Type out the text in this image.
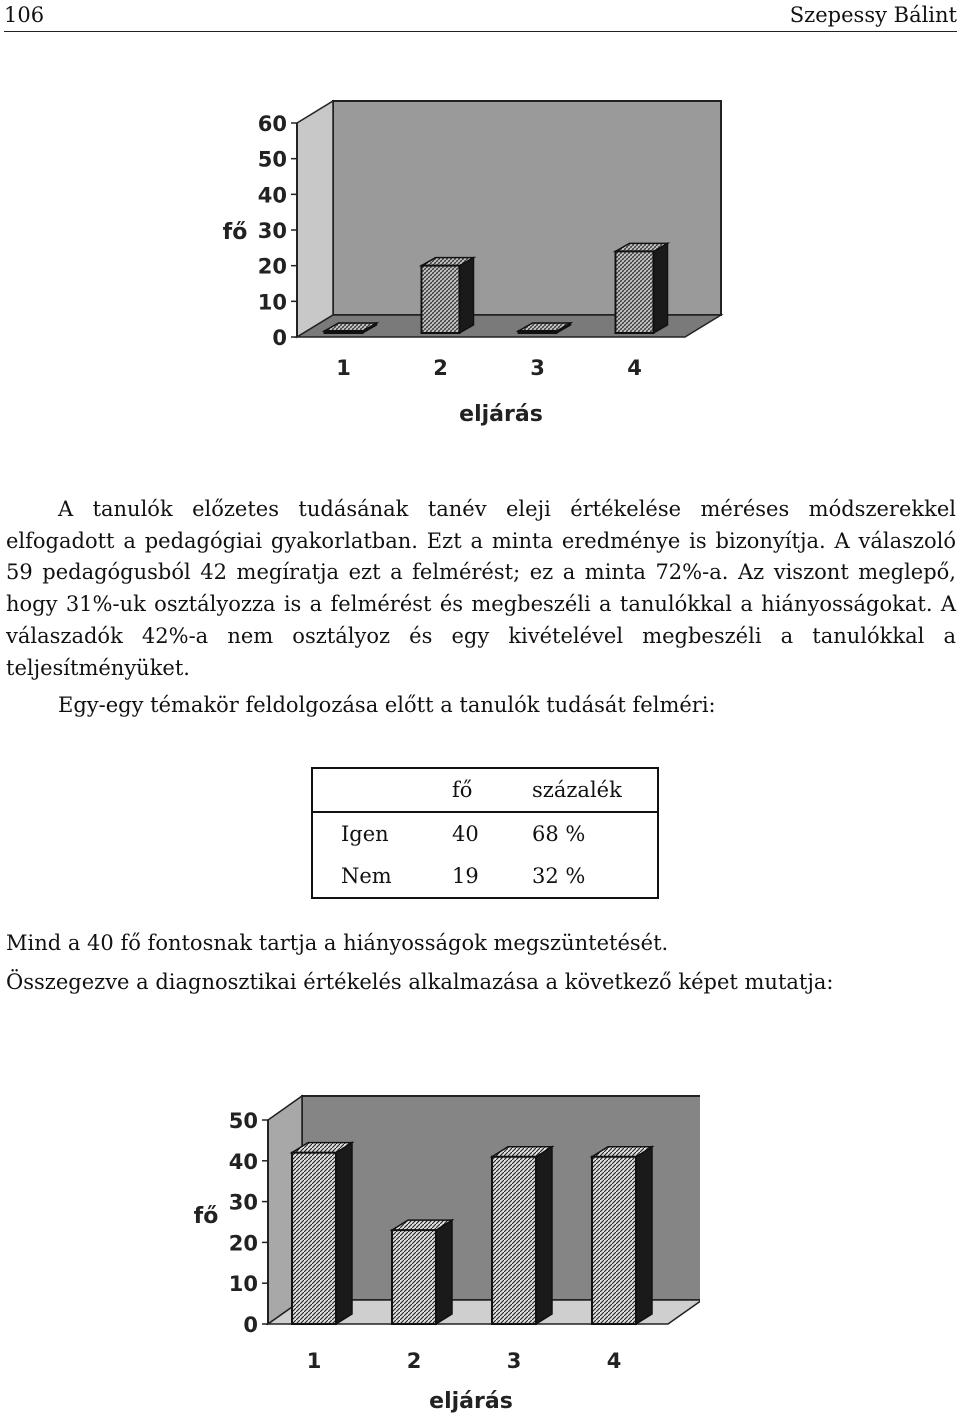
106	Szepessy Bálint
0
10
20
30
40
50
60
fő
1	2	3	4
eljárás

A tanulók előzetes tudásának tanév eleji értékelése méréses módszerekkel elfogadott a pedagógiai gyakorlatban. Ezt a minta eredménye is bizonyítja. A válaszoló 59 pedagógusból 42 megíratja ezt a felmérést; ez a minta 72%-a. Az viszont meglepő, hogy 31%-uk osztályozza is a felmérést és megbeszéli a tanulókkal a hiányosságokat. A válaszadók 42%-a nem osztályoz és egy kivételével megbeszéli a tanulókkal a teljesítményüket.

Egy-egy témakör feldolgozása előtt a tanulók tudását felméri:

	fő	százalék
Igen	40	68 %
Nem	19	32 %

Mind a 40 fő fontosnak tartja a hiányosságok megszüntetését.

Összegezve a diagnosztikai értékelés alkalmazása a következő képet mutatja:

0
10
20
30
40
50
fő
1	2	3	4
eljárás
